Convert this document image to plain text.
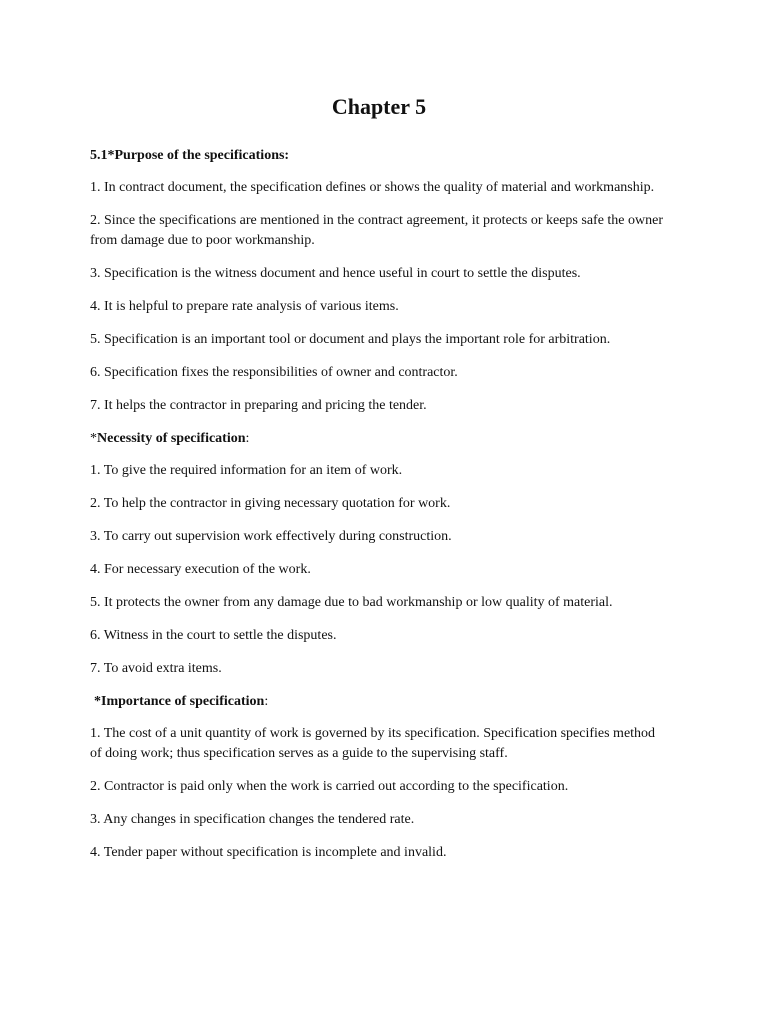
Chapter 5

5.1*Purpose of the specifications:

1. In contract document, the specification defines or shows the quality of material and workmanship.

2. Since the specifications are mentioned in the contract agreement, it protects or keeps safe the owner from damage due to poor workmanship.

3. Specification is the witness document and hence useful in court to settle the disputes.

4. It is helpful to prepare rate analysis of various items.

5. Specification is an important tool or document and plays the important role for arbitration.

6. Specification fixes the responsibilities of owner and contractor.

7. It helps the contractor in preparing and pricing the tender.

*Necessity of specification:

1. To give the required information for an item of work.

2. To help the contractor in giving necessary quotation for work.

3. To carry out supervision work effectively during construction.

4. For necessary execution of the work.

5. It protects the owner from any damage due to bad workmanship or low quality of material.

6. Witness in the court to settle the disputes.

7. To avoid extra items.

*Importance of specification:

1. The cost of a unit quantity of work is governed by its specification. Specification specifies method of doing work; thus specification serves as a guide to the supervising staff.

2. Contractor is paid only when the work is carried out according to the specification.

3. Any changes in specification changes the tendered rate.

4. Tender paper without specification is incomplete and invalid.
